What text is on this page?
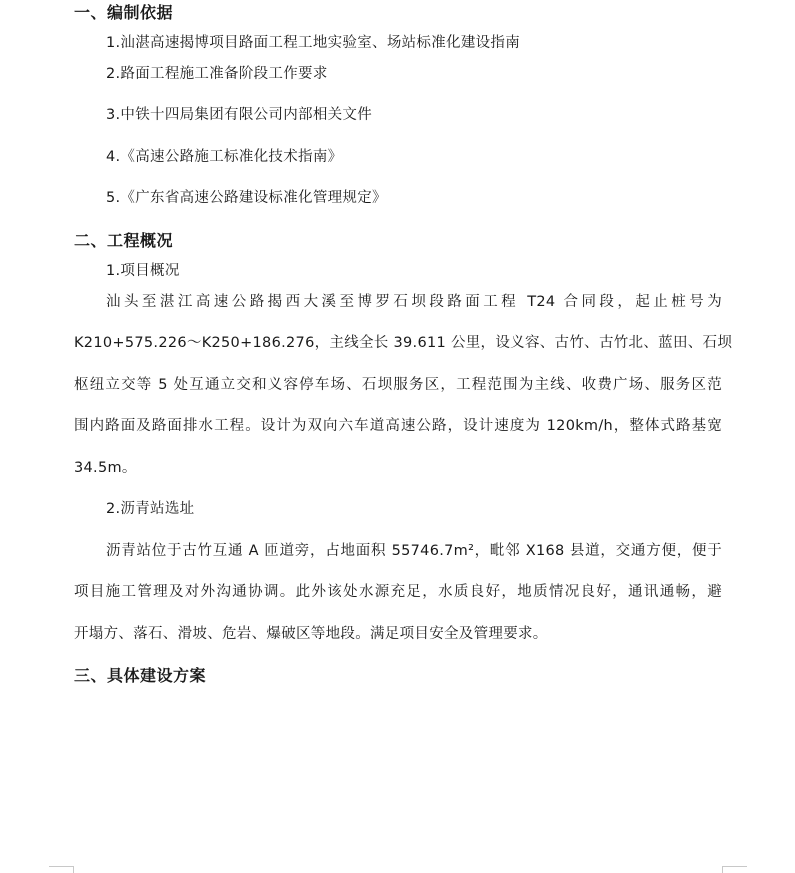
一、编制依据
1.汕湛高速揭博项目路面工程工地实验室、场站标准化建设指南
2.路面工程施工准备阶段工作要求
3.中铁十四局集团有限公司内部相关文件
4.《高速公路施工标准化技术指南》
5.《广东省高速公路建设标准化管理规定》
二、工程概况
1.项目概况
汕头至湛江高速公路揭西大溪至博罗石坝段路面工程 T24 合同段，起止桩号为
K210+575.226～K250+186.276，主线全长 39.611 公里，设义容、古竹、古竹北、蓝田、石坝
枢纽立交等 5 处互通立交和义容停车场、石坝服务区，工程范围为主线、收费广场、服务区范
围内路面及路面排水工程。设计为双向六车道高速公路，设计速度为 120km/h，整体式路基宽
34.5m。
2.沥青站选址
沥青站位于古竹互通 A 匝道旁，占地面积 55746.7m²，毗邻 X168 县道，交通方便，便于
项目施工管理及对外沟通协调。此外该处水源充足，水质良好，地质情况良好，通讯通畅，避
开塌方、落石、滑坡、危岩、爆破区等地段。满足项目安全及管理要求。
三、具体建设方案
